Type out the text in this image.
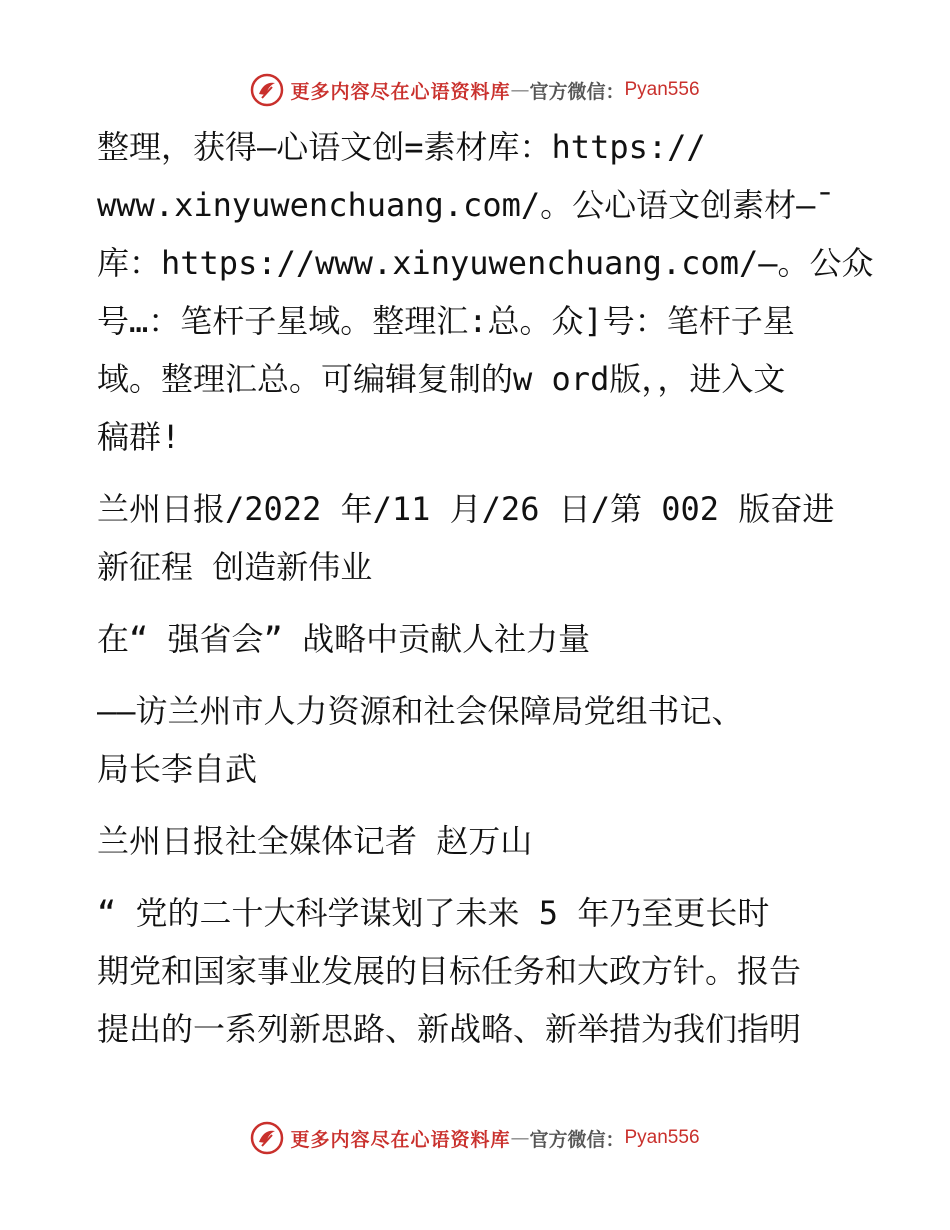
更多内容尽在心语资料库 — 官方微信： Pyan556

整理，获得—心语文创=素材库：https://
www.xinyuwenchuang.com/。公心语文创素材—¯
库：https://www.xinyuwenchuang.com/—。公众
号…：笔杆子星域。整理汇:总。众]号：笔杆子星
域。整理汇总。可编辑复制的w ord版，，进入文
稿群!

兰州日报/2022 年/11 月/26 日/第 002 版奋进
新征程 创造新伟业

在“ 强省会” 战略中贡献人社力量

——访兰州市人力资源和社会保障局党组书记、
局长李自武

兰州日报社全媒体记者 赵万山

“ 党的二十大科学谋划了未来 5 年乃至更长时
期党和国家事业发展的目标任务和大政方针。报告
提出的一系列新思路、新战略、新举措为我们指明

更多内容尽在心语资料库 — 官方微信： Pyan556
